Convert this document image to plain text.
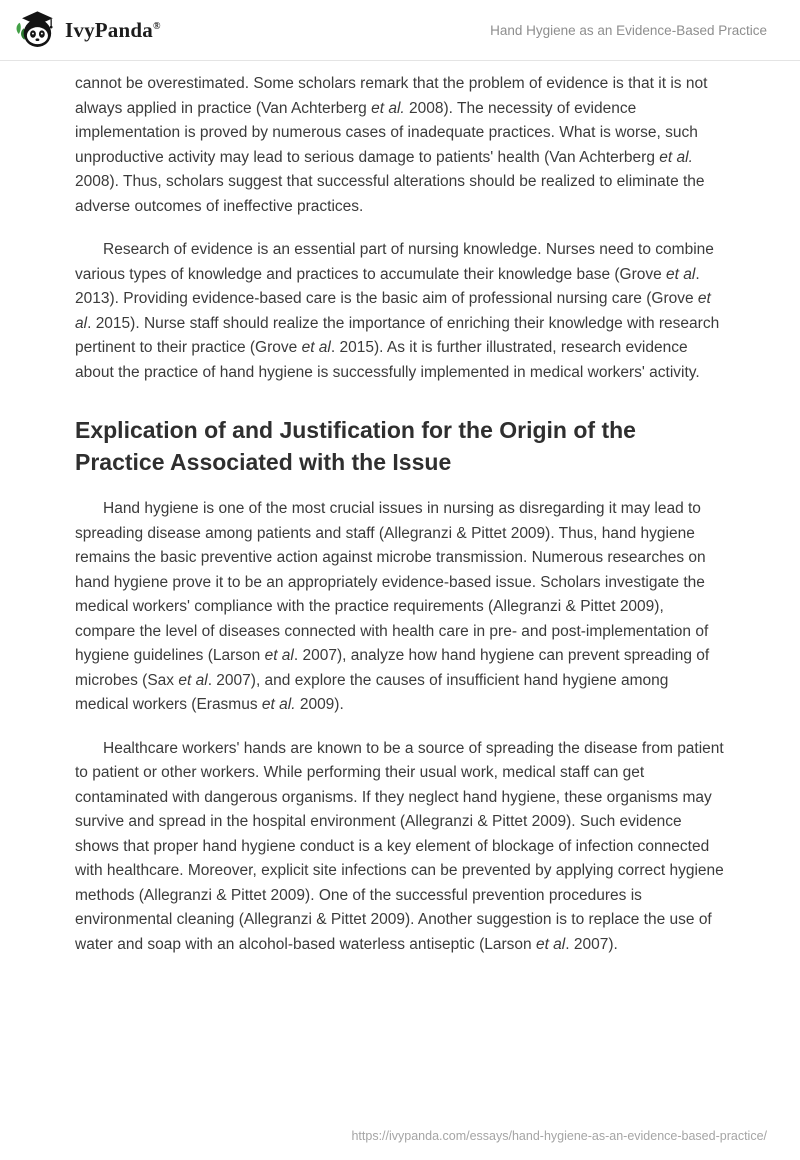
IvyPanda®	Hand Hygiene as an Evidence-Based Practice

cannot be overestimated. Some scholars remark that the problem of evidence is that it is not always applied in practice (Van Achterberg et al. 2008). The necessity of evidence implementation is proved by numerous cases of inadequate practices. What is worse, such unproductive activity may lead to serious damage to patients' health (Van Achterberg et al. 2008). Thus, scholars suggest that successful alterations should be realized to eliminate the adverse outcomes of ineffective practices.

Research of evidence is an essential part of nursing knowledge. Nurses need to combine various types of knowledge and practices to accumulate their knowledge base (Grove et al. 2013). Providing evidence-based care is the basic aim of professional nursing care (Grove et al. 2015). Nurse staff should realize the importance of enriching their knowledge with research pertinent to their practice (Grove et al. 2015). As it is further illustrated, research evidence about the practice of hand hygiene is successfully implemented in medical workers' activity.

Explication of and Justification for the Origin of the Practice Associated with the Issue

Hand hygiene is one of the most crucial issues in nursing as disregarding it may lead to spreading disease among patients and staff (Allegranzi & Pittet 2009). Thus, hand hygiene remains the basic preventive action against microbe transmission. Numerous researches on hand hygiene prove it to be an appropriately evidence-based issue. Scholars investigate the medical workers' compliance with the practice requirements (Allegranzi & Pittet 2009), compare the level of diseases connected with health care in pre- and post-implementation of hygiene guidelines (Larson et al. 2007), analyze how hand hygiene can prevent spreading of microbes (Sax et al. 2007), and explore the causes of insufficient hand hygiene among medical workers (Erasmus et al. 2009).

Healthcare workers' hands are known to be a source of spreading the disease from patient to patient or other workers. While performing their usual work, medical staff can get contaminated with dangerous organisms. If they neglect hand hygiene, these organisms may survive and spread in the hospital environment (Allegranzi & Pittet 2009). Such evidence shows that proper hand hygiene conduct is a key element of blockage of infection connected with healthcare. Moreover, explicit site infections can be prevented by applying correct hygiene methods (Allegranzi & Pittet 2009). One of the successful prevention procedures is environmental cleaning (Allegranzi & Pittet 2009). Another suggestion is to replace the use of water and soap with an alcohol-based waterless antiseptic (Larson et al. 2007).

https://ivypanda.com/essays/hand-hygiene-as-an-evidence-based-practice/
